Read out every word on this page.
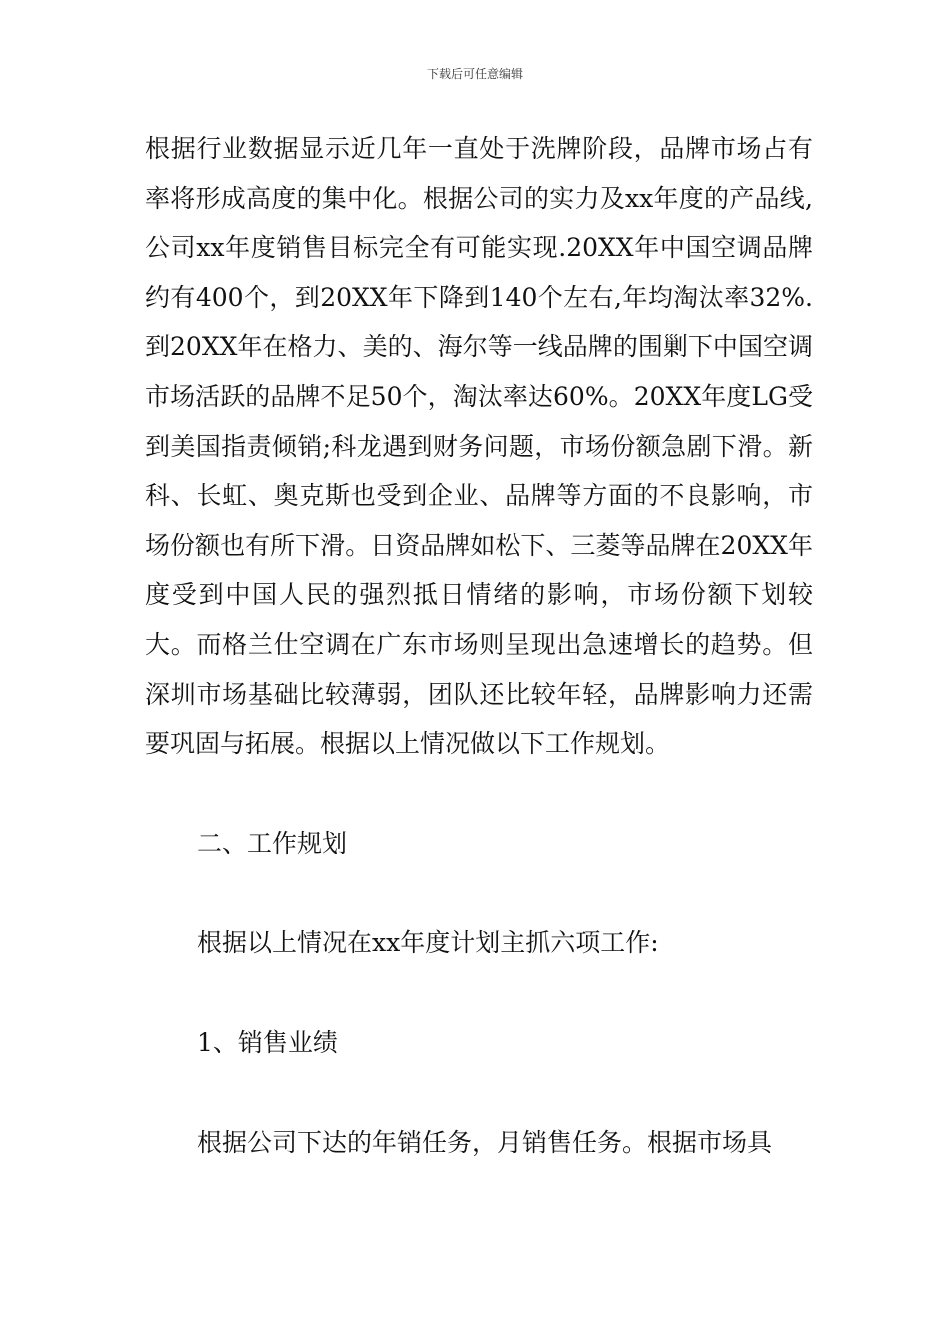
下载后可任意编辑

根据行业数据显示近几年一直处于洗牌阶段，品牌市场占有率将形成高度的集中化。根据公司的实力及xx年度的产品线,公司xx年度销售目标完全有可能实现.20XX年中国空调品牌约有400个，到20XX年下降到140个左右,年均淘汰率32%.到20XX年在格力、美的、海尔等一线品牌的围剿下中国空调市场活跃的品牌不足50个，淘汰率达60%。20XX年度LG受到美国指责倾销;科龙遇到财务问题，市场份额急剧下滑。新科、长虹、奥克斯也受到企业、品牌等方面的不良影响，市场份额也有所下滑。日资品牌如松下、三菱等品牌在20XX年度受到中国人民的强烈抵日情绪的影响，市场份额下划较大。而格兰仕空调在广东市场则呈现出急速增长的趋势。但深圳市场基础比较薄弱，团队还比较年轻，品牌影响力还需要巩固与拓展。根据以上情况做以下工作规划。

二、工作规划

根据以上情况在xx年度计划主抓六项工作:

1、销售业绩

根据公司下达的年销任务，月销售任务。根据市场具
